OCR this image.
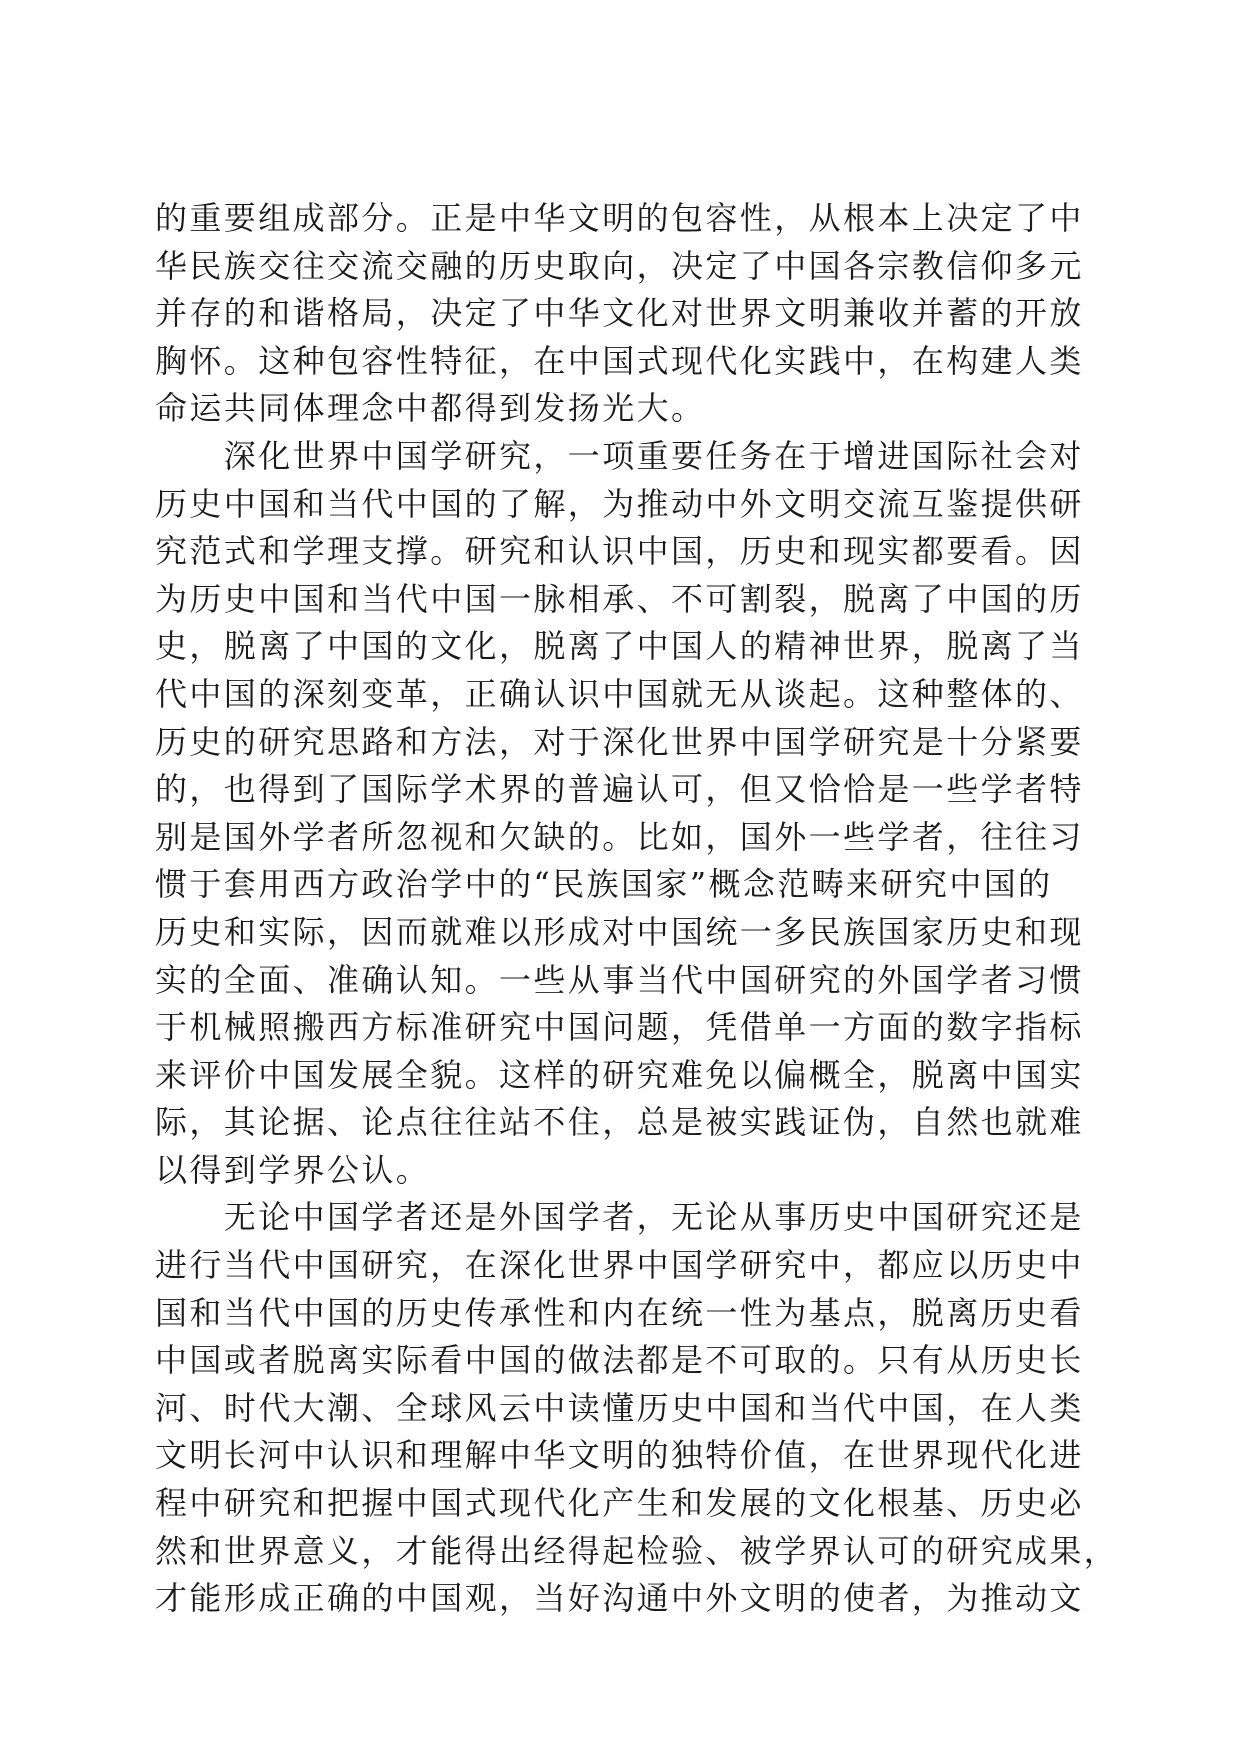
的重要组成部分。正是中华文明的包容性，从根本上决定了中
华民族交往交流交融的历史取向，决定了中国各宗教信仰多元
并存的和谐格局，决定了中华文化对世界文明兼收并蓄的开放
胸怀。这种包容性特征，在中国式现代化实践中，在构建人类
命运共同体理念中都得到发扬光大。
　　深化世界中国学研究，一项重要任务在于增进国际社会对
历史中国和当代中国的了解，为推动中外文明交流互鉴提供研
究范式和学理支撑。研究和认识中国，历史和现实都要看。因
为历史中国和当代中国一脉相承、不可割裂，脱离了中国的历
史，脱离了中国的文化，脱离了中国人的精神世界，脱离了当
代中国的深刻变革，正确认识中国就无从谈起。这种整体的、
历史的研究思路和方法，对于深化世界中国学研究是十分紧要
的，也得到了国际学术界的普遍认可，但又恰恰是一些学者特
别是国外学者所忽视和欠缺的。比如，国外一些学者，往往习
惯于套用西方政治学中的“民族国家”概念范畴来研究中国的
历史和实际，因而就难以形成对中国统一多民族国家历史和现
实的全面、准确认知。一些从事当代中国研究的外国学者习惯
于机械照搬西方标准研究中国问题，凭借单一方面的数字指标
来评价中国发展全貌。这样的研究难免以偏概全，脱离中国实
际，其论据、论点往往站不住，总是被实践证伪，自然也就难
以得到学界公认。
　　无论中国学者还是外国学者，无论从事历史中国研究还是
进行当代中国研究，在深化世界中国学研究中，都应以历史中
国和当代中国的历史传承性和内在统一性为基点，脱离历史看
中国或者脱离实际看中国的做法都是不可取的。只有从历史长
河、时代大潮、全球风云中读懂历史中国和当代中国，在人类
文明长河中认识和理解中华文明的独特价值，在世界现代化进
程中研究和把握中国式现代化产生和发展的文化根基、历史必
然和世界意义，才能得出经得起检验、被学界认可的研究成果，
才能形成正确的中国观，当好沟通中外文明的使者，为推动文
